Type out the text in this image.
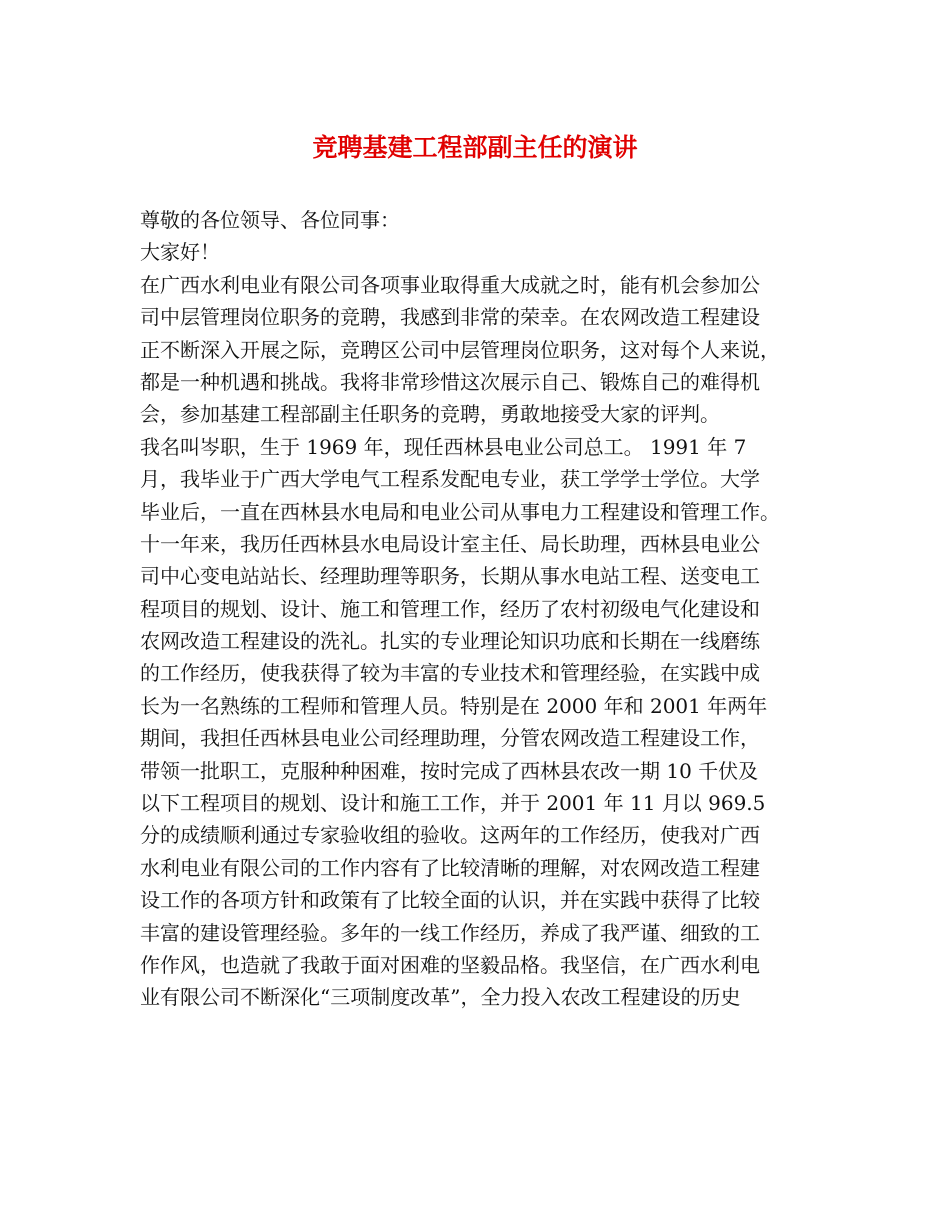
竞聘基建工程部副主任的演讲
尊敬的各位领导、各位同事：
大家好！
在广西水利电业有限公司各项事业取得重大成就之时，能有机会参加公
司中层管理岗位职务的竞聘，我感到非常的荣幸。在农网改造工程建设
正不断深入开展之际，竞聘区公司中层管理岗位职务，这对每个人来说，
都是一种机遇和挑战。我将非常珍惜这次展示自己、锻炼自己的难得机
会，参加基建工程部副主任职务的竞聘，勇敢地接受大家的评判。
我名叫岑职，生于 1969 年，现任西林县电业公司总工。 1991 年 7
月，我毕业于广西大学电气工程系发配电专业，获工学学士学位。大学
毕业后，一直在西林县水电局和电业公司从事电力工程建设和管理工作。
十一年来，我历任西林县水电局设计室主任、局长助理，西林县电业公
司中心变电站站长、经理助理等职务，长期从事水电站工程、送变电工
程项目的规划、设计、施工和管理工作，经历了农村初级电气化建设和
农网改造工程建设的洗礼。扎实的专业理论知识功底和长期在一线磨练
的工作经历，使我获得了较为丰富的专业技术和管理经验，在实践中成
长为一名熟练的工程师和管理人员。特别是在 2000 年和 2001 年两年
期间，我担任西林县电业公司经理助理，分管农网改造工程建设工作，
带领一批职工，克服种种困难，按时完成了西林县农改一期 10 千伏及
以下工程项目的规划、设计和施工工作，并于 2001 年 11 月以 969.5
分的成绩顺利通过专家验收组的验收。这两年的工作经历，使我对广西
水利电业有限公司的工作内容有了比较清晰的理解，对农网改造工程建
设工作的各项方针和政策有了比较全面的认识，并在实践中获得了比较
丰富的建设管理经验。多年的一线工作经历，养成了我严谨、细致的工
作作风，也造就了我敢于面对困难的坚毅品格。我坚信，在广西水利电
业有限公司不断深化“三项制度改革”，全力投入农改工程建设的历史
